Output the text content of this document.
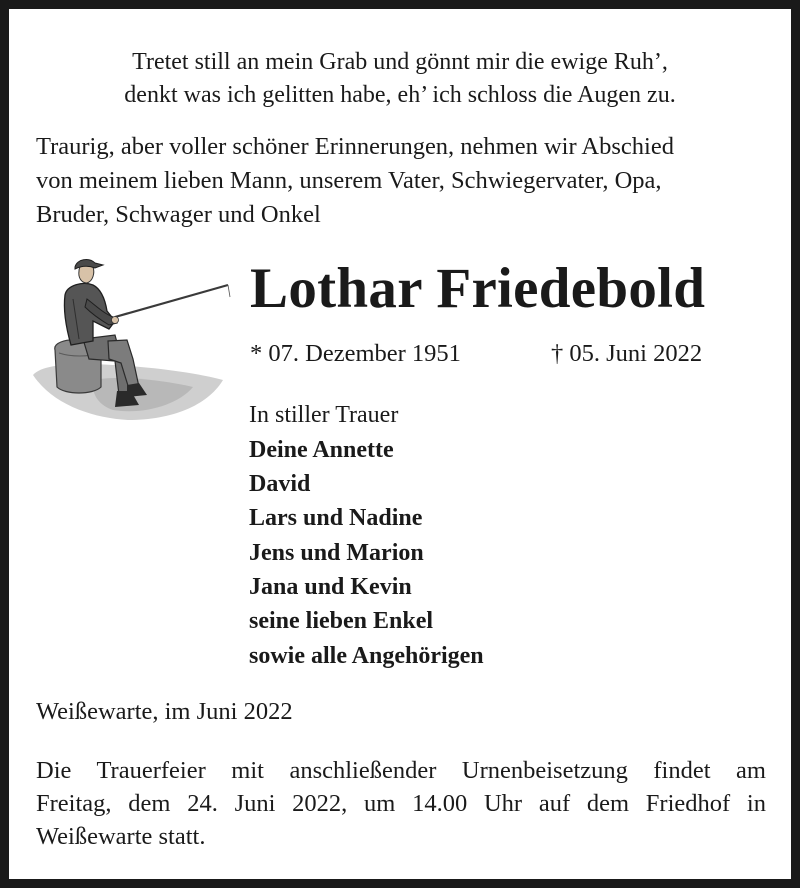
Tretet still an mein Grab und gönnt mir die ewige Ruh’,
denkt was ich gelitten habe, eh’ ich schloss die Augen zu.
Traurig, aber voller schöner Erinnerungen, nehmen wir Abschied
von meinem lieben Mann, unserem Vater, Schwiegervater, Opa,
Bruder, Schwager und Onkel
Lothar Friedebold
* 07. Dezember 1951	† 05. Juni 2022
In stiller Trauer
Deine Annette
David
Lars und Nadine
Jens und Marion
Jana und Kevin
seine lieben Enkel
sowie alle Angehörigen
Weißewarte, im Juni 2022
Die Trauerfeier mit anschließender Urnenbeisetzung findet am
Freitag, dem 24. Juni 2022, um 14.00 Uhr auf dem Friedhof in
Weißewarte statt.
